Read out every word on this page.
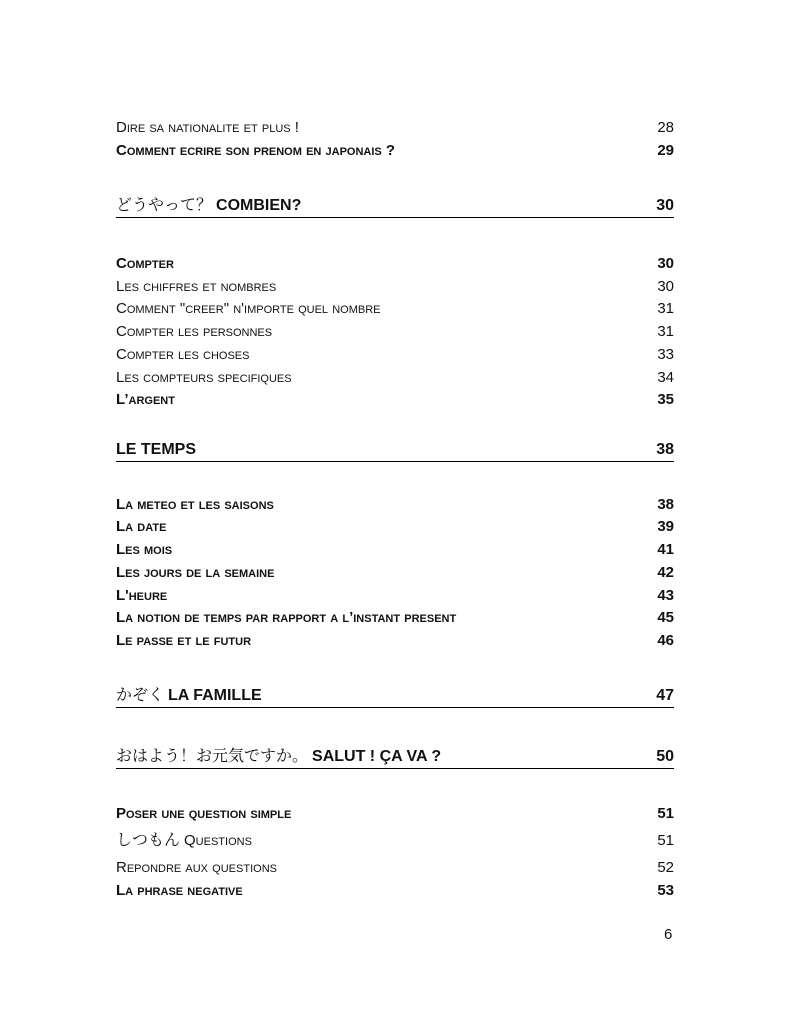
Dire sa nationalite et plus !	28
Comment ecrire son prenom en japonais ?	29
どうやって？ COMBIEN?	30
Compter	30
Les chiffres et nombres	30
Comment "creer" n'importe quel nombre	31
Compter les personnes	31
Compter les choses	33
Les compteurs specifiques	34
L’argent	35
LE TEMPS	38
La meteo et les saisons	38
La date	39
Les mois	41
Les jours de la semaine	42
L'heure	43
La notion de temps par rapport a l’instant present	45
Le passe et le futur	46
かぞく LA FAMILLE	47
おはよう！お元気ですか。 SALUT ! ÇA VA ?	50
Poser une question simple	51
しつもん Questions	51
Repondre aux questions	52
La phrase negative	53
6
